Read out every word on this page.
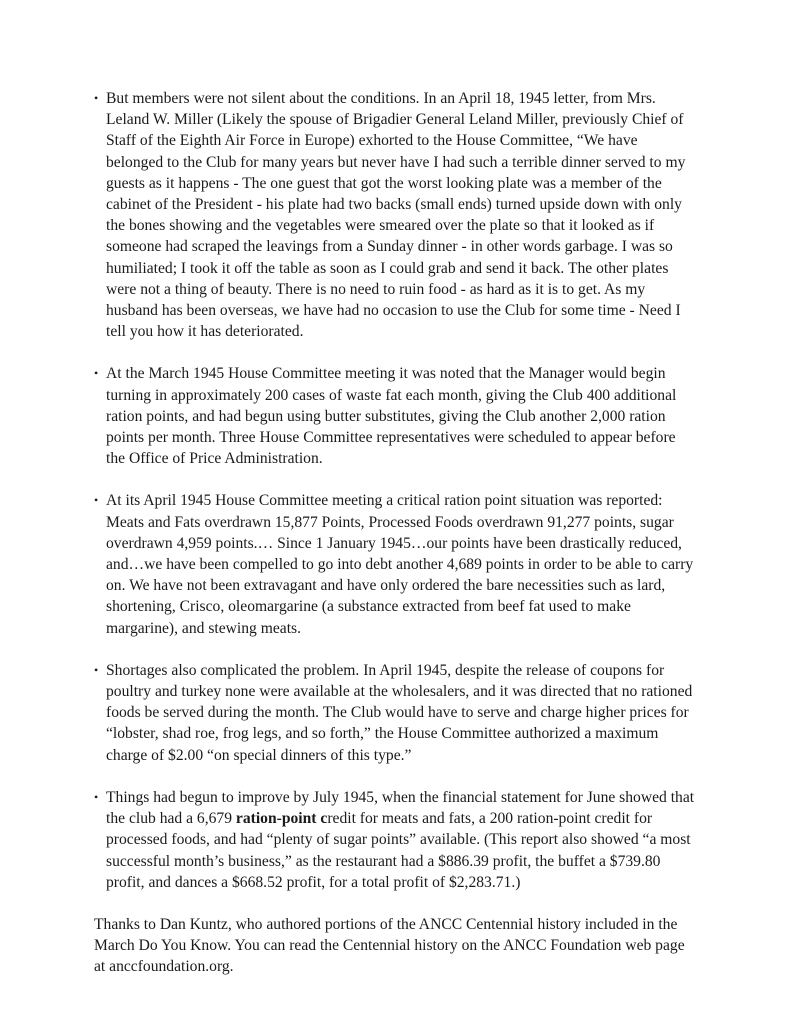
• But members were not silent about the conditions. In an April 18, 1945 letter, from Mrs. Leland W. Miller (Likely the spouse of Brigadier General Leland Miller, previously Chief of Staff of the Eighth Air Force in Europe) exhorted to the House Committee, “We have belonged to the Club for many years but never have I had such a terrible dinner served to my guests as it happens - The one guest that got the worst looking plate was a member of the cabinet of the President - his plate had two backs (small ends) turned upside down with only the bones showing and the vegetables were smeared over the plate so that it looked as if someone had scraped the leavings from a Sunday dinner - in other words garbage. I was so humiliated; I took it off the table as soon as I could grab and send it back. The other plates were not a thing of beauty. There is no need to ruin food - as hard as it is to get. As my husband has been overseas, we have had no occasion to use the Club for some time - Need I tell you how it has deteriorated.
• At the March 1945 House Committee meeting it was noted that the Manager would begin turning in approximately 200 cases of waste fat each month, giving the Club 400 additional ration points, and had begun using butter substitutes, giving the Club another 2,000 ration points per month. Three House Committee representatives were scheduled to appear before the Office of Price Administration.
• At its April 1945 House Committee meeting a critical ration point situation was reported: Meats and Fats overdrawn 15,877 Points, Processed Foods overdrawn 91,277 points, sugar overdrawn 4,959 points.… Since 1 January 1945…our points have been drastically reduced, and…we have been compelled to go into debt another 4,689 points in order to be able to carry on. We have not been extravagant and have only ordered the bare necessities such as lard, shortening, Crisco, oleomargarine (a substance extracted from beef fat used to make margarine), and stewing meats.
• Shortages also complicated the problem. In April 1945, despite the release of coupons for poultry and turkey none were available at the wholesalers, and it was directed that no rationed foods be served during the month. The Club would have to serve and charge higher prices for “lobster, shad roe, frog legs, and so forth,” the House Committee authorized a maximum charge of $2.00 “on special dinners of this type.”
• Things had begun to improve by July 1945, when the financial statement for June showed that the club had a 6,679 ration-point credit for meats and fats, a 200 ration-point credit for processed foods, and had “plenty of sugar points” available. (This report also showed “a most successful month’s business,” as the restaurant had a $886.39 profit, the buffet a $739.80 profit, and dances a $668.52 profit, for a total profit of $2,283.71.)

Thanks to Dan Kuntz, who authored portions of the ANCC Centennial history included in the March Do You Know. You can read the Centennial history on the ANCC Foundation web page at anccfoundation.org.
